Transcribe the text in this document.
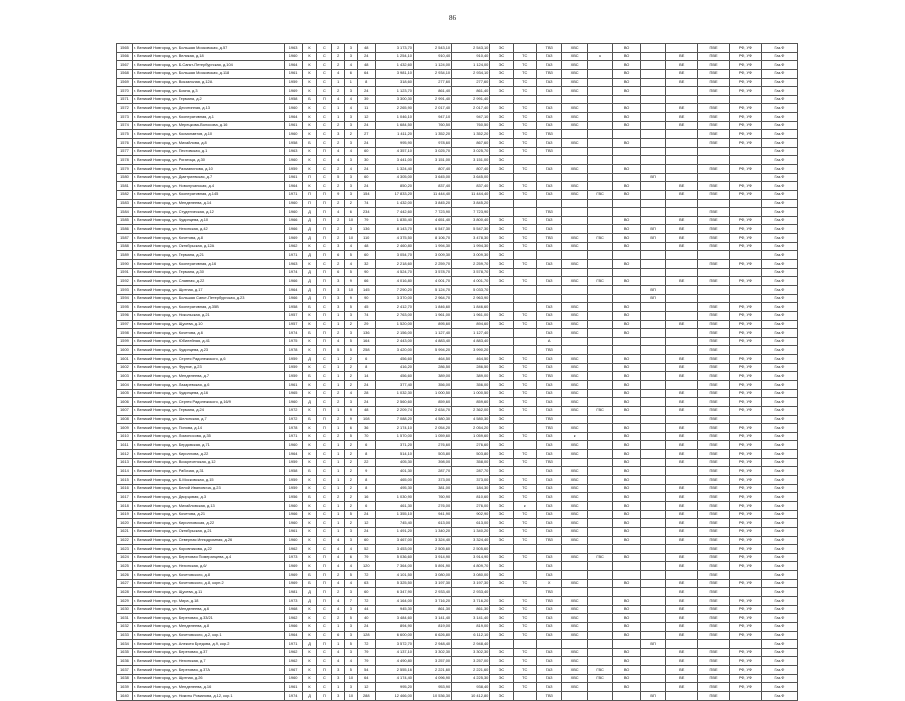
86
1565	г. Великий Новгород, ул. Большая Московская, д.57	1963	К	С	2	3	48	3 173,70	2 543,10	2 543,10	ЭС		ТВЗ	ХВС		ВО			ПВЕ	РФ, УФ	Газ.Ф
1566	г. Великий Новгород, ул. Великая, д.18	1960	К	С	2	3	24	1 254,10	910,40	910,40	ЭС	ТС	ГАЗ	ХВС	к	ВО		ВЕ	ПВЕ	РФ, УФ	Газ.Ф
1567	г. Великий Новгород, ул. Б.Санкт-Петербургская, д.104	1964	К	С	2	4	48	1 432,60	1 124,00	1 124,00	ЭС	ТС	ГАЗ	ХВС		ВО		ВЕ	ПВЕ	РФ, УФ	Газ.Ф
1568	г. Великий Новгород, ул. Большая Московская, д.118	1961	К	С	4	6	64	3 981,10	2 934,10	2 934,10	ЭС	ТС	ТВЗ	ХВС		ВО		ВЕ	ПВЕ	РФ, УФ	Газ.Ф
1569	г. Великий Новгород, ул. Вокзальная, д.12А	1959	К	С	1	1	8	318,60	277,60	277,60	ЭС	ТС	ГАЗ	ХВС		ВО		ВЕ	ПВЕ	РФ, УФ	Газ.Ф
1570	г. Великий Новгород, ул. Бояна, д.3	1969	К	С	2	3	24	1 123,70	861,40	861,40	ЭС	ТС	ГАЗ	ХВС		ВО			ПВЕ	РФ, УФ	Газ.Ф
1571	г. Великий Новгород, ул. Германа, д.2	1958	Б	П	4	4	39	3 300,30	2 991,40	2 991,40											Газ.Ф
1572	г. Великий Новгород, ул. Десятинная, д.13	1960	К	С	1	4	11	2 265,90	2 017,40	2 017,40	ЭС	ТС	ГАЗ	ХВС		ВО		ВЕ	ПВЕ	РФ, УФ	Газ.Ф
1573	г. Великий Новгород, ул. Кооперативная, д.1	1964	К	С	1	3	12	1 046,10	947,10	947,10	ЭС	ТС	ГАЗ	ХВС		ВО		ВЕ	ПВЕ	РФ, УФ	Газ.Ф
1574	г. Великий Новгород, ул. Мерецкова-Волосова, д.16	1961	К	С	2	3	24	1 684,50	760,50	760,50	ЭС	ТС	ГАЗ	ХВС		ВО		ВЕ	ПВЕ	РФ, УФ	Газ.Ф
1575	г. Великий Новгород, ул. Космонавтов, д.10	1960	К	С	3	2	27	1 411,20	1 352,20	1 352,20	ЭС	ТС	ТВЗ						ПВЕ	РФ, УФ	Газ.Ф
1576	г. Великий Новгород, ул. Михайлова, д.8	1958	Б	С	2	3	24	995,90	978,60	867,60	ЭС	ТС	ГАЗ	ХВС		ВО			ПВЕ	РФ, УФ	Газ.Ф
1577	г. Великий Новгород, ул. Пестовская, д.1	1963	К	П	4	4	60	4 357,10	3 025,70	3 025,70	ЭС	ТС	ТВЗ								Газ.Ф
1578	г. Великий Новгород, ул. Рогатица, д.30	1960	К	С	4	3	30	3 441,00	3 151,00	3 151,00	ЭС										Газ.Ф
1579	г. Великий Новгород, ул. Рахманинова, д.10	1959	К	С	2	4	24	1 324,40	807,40	807,40	ЭС	ТС	ГАЗ	ХВС		ВО			ПВЕ	РФ, УФ	Газ.Ф
1580	г. Великий Новгород, ул. Дмитриевская, д.7	1961	П	С	5	3	60	4 305,00	3 645,00	3 645,00							ВП				Газ.Ф
1581	г. Великий Новгород, ул. Новолучанская, д.4	1964	К	С	2	3	24	850,20	837,40	837,40	ЭС	ТС	ГАЗ	ХВС		ВО		ВЕ	ПВЕ	РФ, УФ	Газ.Ф
1582	г. Великий Новгород, ул. Кооперативная, д.145	1971	П	П	9	3	154	17 833,20	11 444,40	11 444,40	ЭС	ТС	ГАЗ	ХВС	ГВС	ВО		ВЕ	ПВЕ	РФ, УФ	Газ.Ф
1583	г. Великий Новгород, ул. Менделеева, д.14	1960	П	П	2	2	74	1 432,00	3 845,20	3 845,20											Газ.Ф
1584	г. Великий Новгород, ул. Студенческая, д.12	1960	Д	П	4	6	234	7 442,60	7 723,90	7 723,90			ТВЗ						ПВЕ		Газ.Ф
1585	г. Великий Новгород, ул. Чудинцева, д.10	1966	Д	П	2	10	79	1 835,40	4 651,40	3 800,40	ЭС	ТС	ГАЗ			ВО		ВЕ	ПВЕ	РФ, УФ	Газ.Ф
1586	г. Великий Новгород, ул. Нехинская, д.42	1966	Д	П	2	3	136	8 143,70	6 547,30	5 547,30	ЭС	ТС	ГАЗ			ВО	ВП	ВЕ	ПВЕ	РФ, УФ	Газ.Ф
1587	г. Великий Новгород, ул. Кочетова, д.8	1969	Д	П	2	10	110	4 375,50	8 106,70	3 478,30	ЭС	ТС	ТВЗ	ХВС	ГВС	ВО	ВП	ВЕ	ПВЕ	РФ, УФ	Газ.Ф
1588	г. Великий Новгород, ул. Октябрьская, д.12А	1962	К	С	3	4	48	2 460,80	1 994,30	1 994,30	ЭС	ТС	ГАЗ	ХВС		ВО		ВЕ	ПВЕ	РФ, УФ	Газ.Ф
1589	г. Великий Новгород, ул. Германа, д.21	1971	Д	П	6	5	60	3 054,70	3 009,30	3 009,30	ЭС										Газ.Ф
1590	г. Великий Новгород, ул. Кооперативная, д.16	1963	К	С	2	4	32	2 218,60	2 259,70	2 259,70	ЭС	ТС	ГАЗ	ХВС		ВО			ПВЕ	РФ, УФ	Газ.Ф
1591	г. Великий Новгород, ул. Германа, д.30	1974	Д	П	6	5	90	4 524,70	3 578,70	3 578,70	ЭС										Газ.Ф
1592	г. Великий Новгород, ул. Славная, д.22	1966	Д	П	3	9	66	4 016,80	4 001,70	4 001,70	ЭС	ТС	ГАЗ	ХВС	ГВС	ВО		ВЕ	ПВЕ	РФ, УФ	Газ.Ф
1593	г. Великий Новгород, ул. Щитная, д.17	1964	Д	П	3	10	145	7 290,20	5 124,70	5 033,70							ВП				Газ.Ф
1594	г. Великий Новгород, ул. Большая Санкт-Петербургская, д.23	1966	Д	П	3	9	90	3 370,00	2 964,70	2 963,90							ВП				Газ.Ф
1595	г. Великий Новгород, ул. Кооперативная, д.35В	1958	Б	С	3	5	45	2 412,70	1 846,60	1 846,60			ГАЗ	ХВС		ВО			ПВЕ	РФ, УФ	Газ.Ф
1596	г. Великий Новгород, ул. Никольская, д.21	1957	К	П	1	3	74	2 763,00	1 961,00	1 961,00	ЭС	ТС	ГАЗ	ХВС		ВО			ПВЕ	РФ, УФ	Газ.Ф
1597	г. Великий Новгород, ул. Щусева, д.10	1957	К	С	1	2	29	1 520,00	895,60	894,60	ЭС	ТС	ГАЗ	ХВС		ВО		ВЕ	ПВЕ	РФ, УФ	Газ.Ф
1598	г. Великий Новгород, ул. Кочетова, д.6	1974	Б	П	2	3	136	2 156,00	1 127,40	1 127,40			ГАЗ	ХВС		ВО			ПВЕ	РФ, УФ	Газ.Ф
1599	г. Великий Новгород, ул. Юбилейная, д.41	1975	К	П	4	5	164	2 443,00	4 883,40	4 883,40			А						ПВЕ	РФ, УФ	Газ.Ф
1600	г. Великий Новгород, ул. Чудинцева, д.23	1978	К	П	5	5	258	3 420,00	5 994,20	3 990,20			ТВЗ						ПВЕ		Газ.Ф
1601	г. Великий Новгород, ул. Сергея Радонежского, д.6	1959	Д	С	1	2	6	456,60	464,50	464,50	ЭС	ТС	ГАЗ	ХВС		ВО		ВЕ	ПВЕ	РФ, УФ	Газ.Ф
1602	г. Великий Новгород, ул. Фрунзе, д.23	1959	К	С	1	2	8	416,20	286,50	286,50	ЭС	ТС	ГАЗ	ХВС		ВО		ВЕ	ПВЕ	РФ, УФ	Газ.Ф
1603	г. Великий Новгород, ул. Менделеева, д.7	1959	Б	С	1	2	14	456,60	389,00	389,00	ЭС	ТС	ТВЗ	ХВС		ВО		ВЕ	ПВЕ	РФ, УФ	Газ.Ф
1604	г. Великий Новгород, ул. Лазаревская, д.6	1961	К	С	1	2	24	377,40	356,00	356,00	ЭС	ТС	ГАЗ	ХВС		ВО			ПВЕ	РФ, УФ	Газ.Ф
1605	г. Великий Новгород, ул. Чудинцева, д.16	1965	К	С	2	4	28	1 032,30	1 000,50	1 000,50	ЭС	ТС	ГАЗ	ХВС		ВО		ВЕ	ПВЕ	РФ, УФ	Газ.Ф
1606	г. Великий Новгород, ул. Сергея Радонежского, д.16/9	1960	Д	С	2	3	24	2 560,60	859,60	859,60	ЭС	ТС	ГАЗ	ХВС		ВО		ВЕ	ПВЕ	РФ, УФ	Газ.Ф
1607	г. Великий Новгород, ул. Германа, д.24	1972	К	П	1	9	48	2 209,74	2 634,70	2 362,00	ЭС	ТС	ГАЗ	ХВС	ГВС	ВО		ВЕ	ПВЕ	РФ, УФ	Газ.Ф
1608	г. Великий Новгород, ул. Шелонская, д.7	1972	Б	П	2	9	108	7 088,20	4 580,30	4 580,30	ЭС		ТВЗ						ПВЕ		Газ.Ф
1609	г. Великий Новгород, ул. Попова, д.14	1978	К	П	1	6	36	2 174,10	2 054,20	2 054,20	ЭС		ТВЗ	ХВС		ВО		ВЕ	ПВЕ	РФ, УФ	Газ.Ф
1610	г. Великий Новгород, ул. Ломоносова, д.35	1971	К	С	2	5	70	1 570,00	1 059,60	1 059,60	ЭС	ТС	ГАЗ	к		ВО		ВЕ	ПВЕ	РФ, УФ	Газ.Ф
1611	г. Великий Новгород, ул. Бердовская, д.71	1960	К	С	1	2	6	371,20	276,60	276,60	ЭС		ГАЗ	ХВС		ВО		ВЕ	ПВЕ	РФ, УФ	Газ.Ф
1612	г. Великий Новгород, ул. Кириллова, д.22	1964	К	С	1	2	8	514,10	503,80	503,80	ЭС	ТС	ГАЗ	ХВС		ВО		ВЕ	ПВЕ	РФ, УФ	Газ.Ф
1613	г. Великий Новгород, ул. Воскресенская, д.12	1959	К	С	1	2	22	405,30	398,00	358,00	ЭС	ТС	ТВЗ			ВО		ВЕ	ПВЕ	РФ, УФ	Газ.Ф
1614	г. Великий Новгород, ул. Рабочая, д.31	1958	Б	С	1	2	9	401,30	287,70	287,70	ЭС		ГАЗ	ХВС		ВО			ПВЕ	РФ, УФ	Газ.Ф
1615	г. Великий Новгород, ул. Б.Московская, д.15	1959	К	С	1	2	8	465,00	373,00	373,00	ЭС	ТС	ГАЗ	ХВС		ВО			ПВЕ	РФ, УФ	Газ.Ф
1616	г. Великий Новгород, ул. Белой Ивановича, д.23	1959	К	С	1	2	8	495,30	381,00	184,30	ЭС	ТС	ГАЗ	ХВС		ВО		ВЕ	ПВЕ	РФ, УФ	Газ.Ф
1617	г. Великий Новгород, ул. Дворцовая, д.3	1956	Б	С	2	2	16	1 030,90	760,90	810,60	ЭС	ТС	ГАЗ	ХВС		ВО		ВЕ	ПВЕ	РФ, УФ	Газ.Ф
1618	г. Великий Новгород, ул. Михайловская, д.13	1960	К	С	1	2	6	461,30	276,00	276,00	ЭС	к	ГАЗ	ХВС		ВО		ВЕ	ПВЕ	РФ, УФ	Газ.Ф
1619	г. Великий Новгород, ул. Кочетова, д.21	1966	К	С	1	5	24	1 355,10	941,90	902,90	ЭС	ТС	ГАЗ	ХВС		ВО		ВЕ	ПВЕ	РФ, УФ	Газ.Ф
1620	г. Великий Новгород, ул. Кирилловская, д.22	1960	К	С	1	2	12	745,40	613,00	613,00	ЭС	ТС	ГАЗ	ХВС		ВО		ВЕ	ПВЕ	РФ, УФ	Газ.Ф
1621	г. Великий Новгород, ул. Октябрьская, д.21	1961	К	С	1	3	24	1 491,20	1 340,20	1 340,20	ЭС	ТС	ГАЗ	ХВС		ВО		ВЕ	ПВЕ	РФ, УФ	Газ.Ф
1622	г. Великий Новгород, ул. Северная Ипподромная, д.26	1960	К	С	4	3	60	3 467,00	3 324,40	3 324,40	ЭС	ТС	ТВЗ	ХВС		ВО		ВЕ	ПВЕ	РФ, УФ	Газ.Ф
1623	г. Великий Новгород, ул. Коровникова, д.22	1962	К	С	4	4	52	3 453,00	2 505,60	2 505,60									ПВЕ	РФ, УФ	Газ.Ф
1624	г. Великий Новгород, ул. Береговая Померанцева, д.4	1973	К	П	4	6	79	5 036,60	3 914,90	3 914,90	ЭС	ТС	ГАЗ	ХВС	ГВС	ВО		ВЕ	ПВЕ	РФ, УФ	Газ.Ф
1625	г. Великий Новгород, ул. Нехинская, д.6/	1969	К	П	4	4	120	7 364,00	5 891,90	4 809,70	ЭС		ГАЗ					ВЕ	ПВЕ	РФ, УФ	Газ.Ф
1626	г. Великий Новгород, ул. Кочетовского, д.8	1969	Б	П	2	5	72	4 101,50	3 080,00	3 080,00	ЭС		ГАЗ						ПВЕ		Газ.Ф
1627	г. Великий Новгород, ул. Кочетовского, д.8, корп.2	1969	Б	П	4	4	63	5 325,50	3 197,30	3 197,30	ЭС	ТС	Х	ХВС		ВО		ВЕ	ПВЕ	РФ, УФ	Газ.Ф
1628	г. Великий Новгород, ул. Щусева, д.11	1981	Д	П	2	3	60	6 347,90	2 933,40	2 933,40			ТВЗ					ВЕ	ПВЕ		Газ.Ф
1629	г. Великий Новгород, пр. Мира, д.18	1973	Д	П	4	7	72	4 164,00	3 716,20	3 716,20	ЭС	ТС	ТВЗ	ХВС		ВО		ВЕ	ПВЕ	РФ, УФ	Газ.Ф
1630	г. Великий Новгород, ул. Менделеева, д.6	1968	К	С	4	3	44	945,30	861,30	861,30	ЭС	ТС	ГАЗ	ХВС		ВО		ВЕ	ПВЕ	РФ, УФ	Газ.Ф
1631	г. Великий Новгород, ул. Береговая, д.33/21	1962	К	С	2	5	40	3 484,60	3 141,40	3 141,40	ЭС	ТС	ГАЗ	ХВС		ВО		ВЕ	ПВЕ	РФ, УФ	Газ.Ф
1632	г. Великий Новгород, ул. Менделеева, д.8	1966	К	С	1	3	24	894,90	819,00	819,00	ЭС	ТС	ГАЗ	ХВС		ВО		ВЕ	ПВЕ	РФ, УФ	Газ.Ф
1633	г. Великий Новгород, ул. Кочетовского, д.2, кор.1	1964	К	С	6	3	128	6 600,00	6 626,80	6 112,10	ЭС	ТС	ГАЗ	ХВС		ВО		ВЕ	ПВЕ	РФ, УФ	Газ.Ф
1634	г. Великий Новгород, ул. Алексея Бредова, д.9, кор.2	1971	Д	П	1	5	72	3 572,70	2 948,40	2 948,40							ВП				Газ.Ф
1635	г. Великий Новгород, ул. Береговая, д.37	1962	К	С	4	3	79	4 137,10	3 302,30	3 302,30	ЭС	ТС	ГАЗ	ХВС		ВО		ВЕ	ПВЕ	РФ, УФ	Газ.Ф
1636	г. Великий Новгород, ул. Нехинская, д.7	1962	К	С	4	4	79	4 490,80	3 257,00	3 257,00	ЭС	ТС	ГАЗ	ХВС		ВО		ВЕ	ПВЕ	РФ, УФ	Газ.Ф
1637	г. Великий Новгород, ул. Береговая, д.37А	1967	К	П	3	5	54	2 555,16	2 221,60	2 221,60	ЭС	ТС	ГАЗ	ХВС	ГВС	ВО		ВЕ	ПВЕ	РФ, УФ	Газ.Ф
1638	г. Великий Новгород, ул. Щитная, д.26	1960	К	С	3	10	64	4 174,40	4 096,90	4 225,30	ЭС	ТС	ГАЗ	ХВС	ГВС	ВО		ВЕ	ПВЕ	РФ, УФ	Газ.Ф
1639	г. Великий Новгород, ул. Менделеева, д.16	1961	К	С	1	3	12	995,20	953,90	938,40	ЭС	ТС	ГАЗ	ХВС		ВО		ВЕ	ПВЕ	РФ, УФ	Газ.Ф
1640	г. Великий Новгород, ул. Никиты Романова, д.12, кор.1	1974	Д	П	3	10	288	12 466,00	10 536,30	10 412,80	ЭС		ТВЗ				ВП		ПВЕ		Газ.Ф
